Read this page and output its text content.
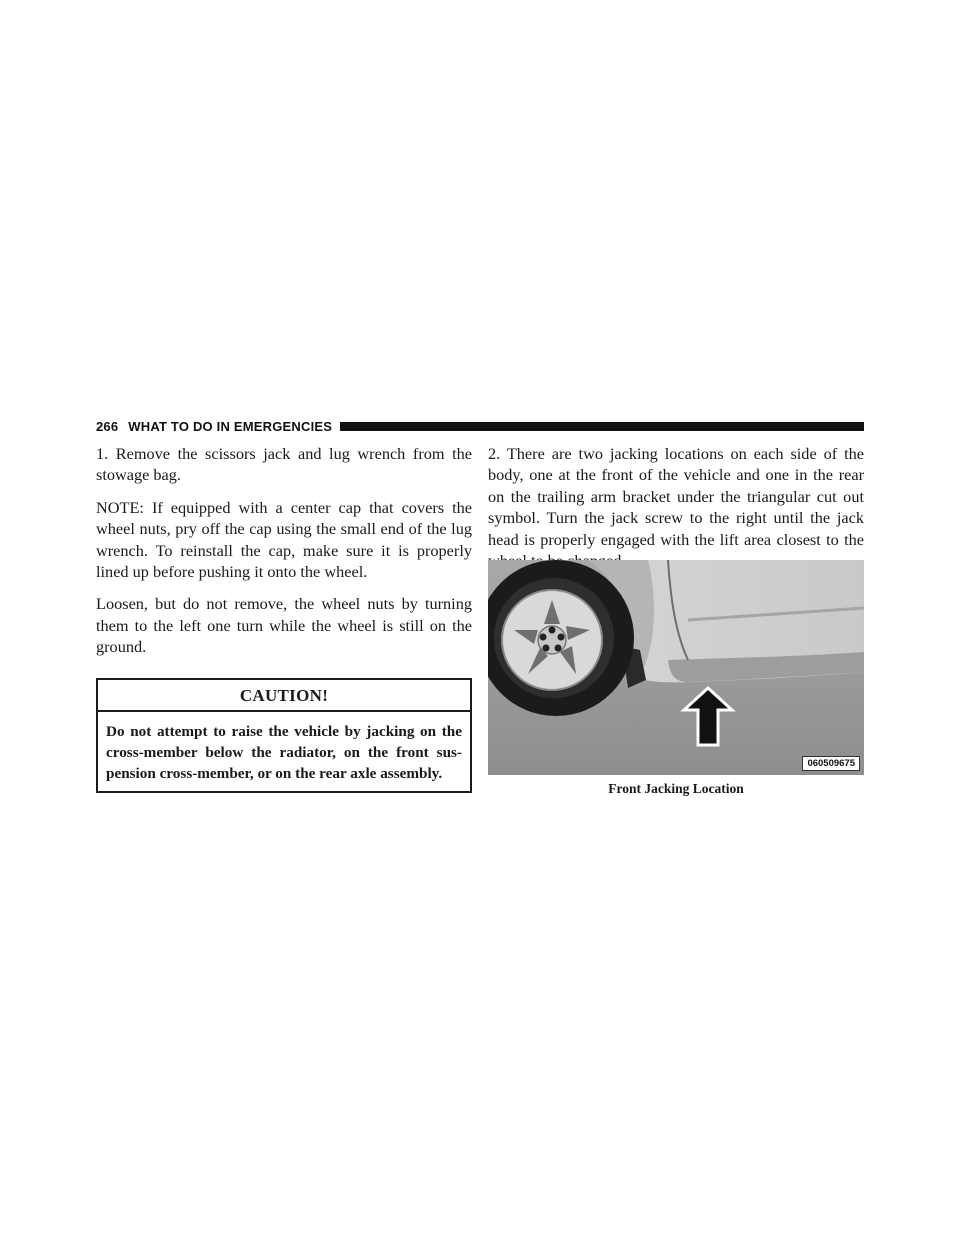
266 WHAT TO DO IN EMERGENCIES

1. Remove the scissors jack and lug wrench from the stowage bag.

NOTE: If equipped with a center cap that covers the wheel nuts, pry off the cap using the small end of the lug wrench. To reinstall the cap, make sure it is properly lined up before pushing it onto the wheel.

Loosen, but do not remove, the wheel nuts by turning them to the left one turn while the wheel is still on the ground.

CAUTION!
Do not attempt to raise the vehicle by jacking on the cross-member below the radiator, on the front sus-pension cross-member, or on the rear axle assembly.

2. There are two jacking locations on each side of the body, one at the front of the vehicle and one in the rear on the trailing arm bracket under the triangular cut out symbol. Turn the jack screw to the right until the jack head is properly engaged with the lift area closest to the

060509675
Front Jacking Location
